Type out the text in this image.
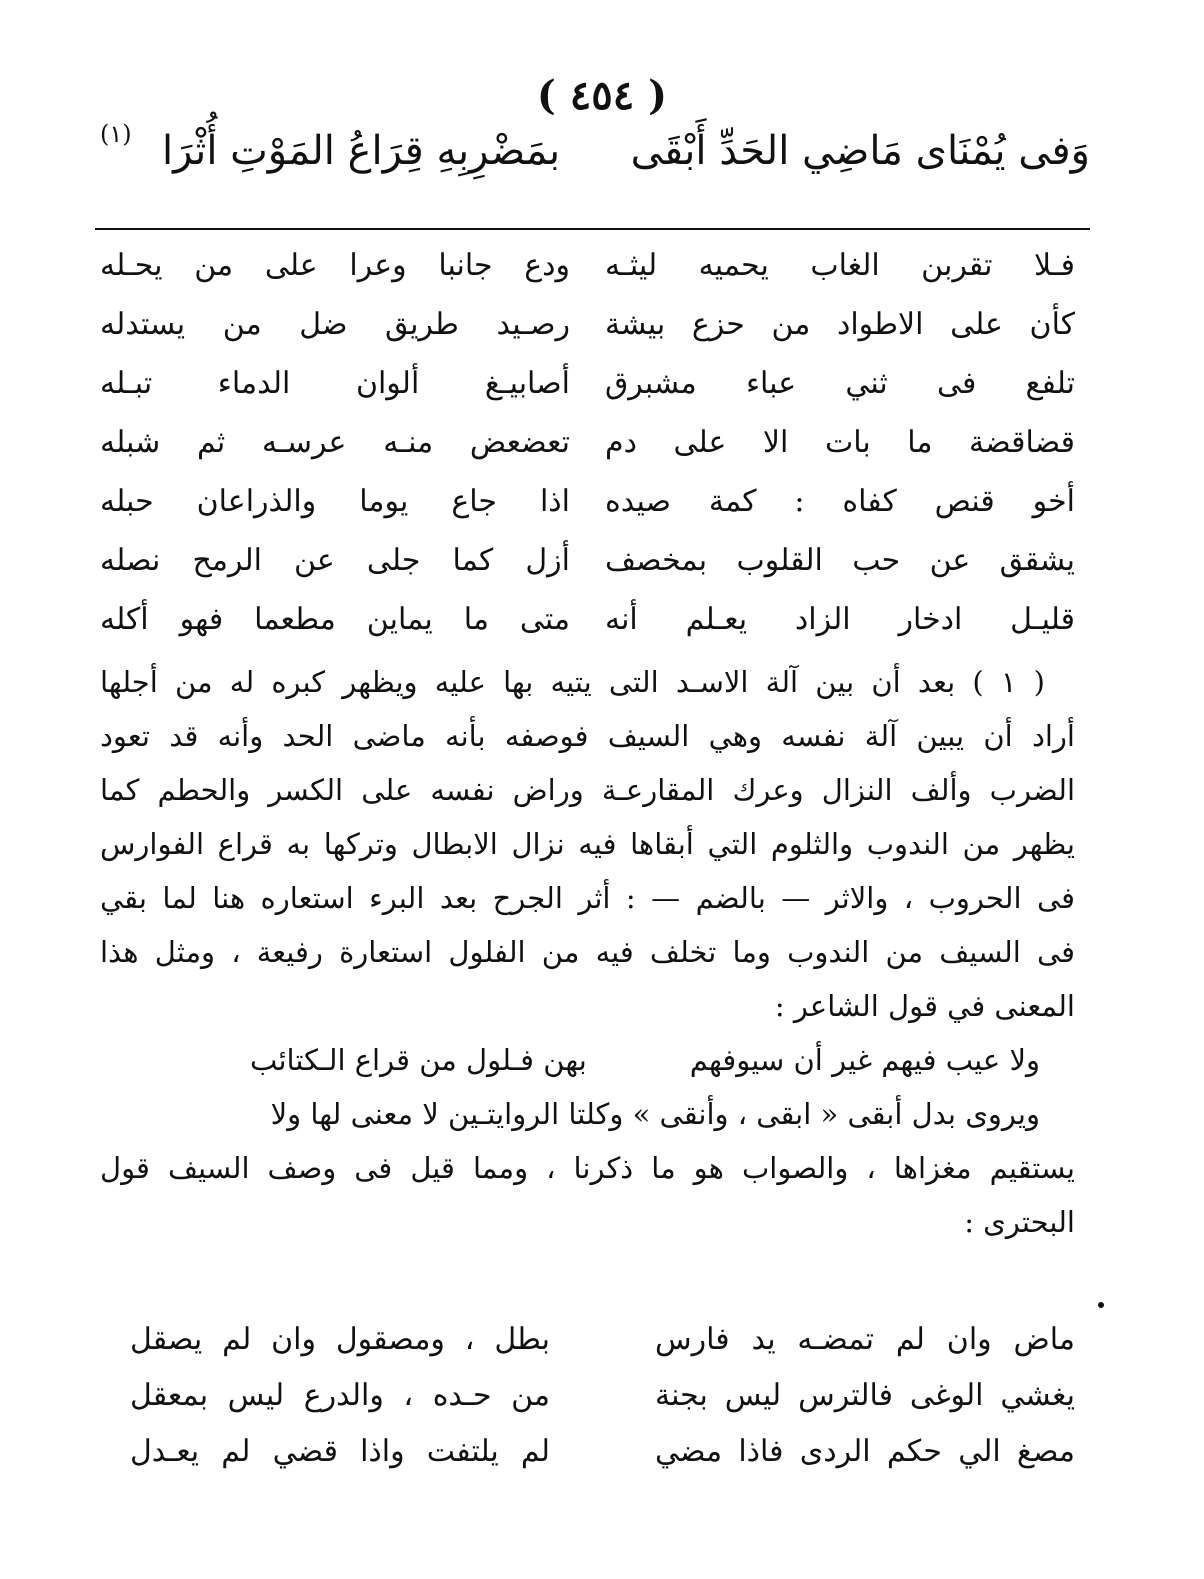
( ٤٥٤ )
وَفى يُمْنَاى مَاضِي الحَدِّ أَبْقَى
بمَضْرِبِهِ قِرَاعُ المَوْتِ أُثْرَا
(١)
فـلا تقربن الغاب يحميه ليثـه
ودع جانبا وعرا على من يحـله
كأن على الاطواد من حزع بيشة
رصـيد طريق ضل من يستدله
تلفع فى ثني عباء مشبرق
أصابيـغ ألوان الدماء تبـله
قضاقضة ما بات الا على دم
تعضعض منـه عرسـه ثم شبله
أخو قنص كفاه : كمة صيده
اذا جاع يوما والذراعان حبله
يشقق عن حب القلوب بمخصف
أزل كما جلى عن الرمح نصله
قليـل ادخار الزاد يعـلم أنه
متى ما يماين مطعما فهو أكله
( ١ ) بعد أن بين آلة الاسـد التى يتيه بها عليه ويظهر كبره له من أجلها
أراد أن يبين آلة نفسه وهي السيف فوصفه بأنه ماضى الحد وأنه قد تعود
الضرب وألف النزال وعرك المقارعـة وراض نفسه على الكسر والحطم كما
يظهر من الندوب والثلوم التي أبقاها فيه نزال الابطال وتركها به قراع الفوارس
فى الحروب ، والاثر — بالضم — : أثر الجرح بعد البرء استعاره هنا لما بقي
فى السيف من الندوب وما تخلف فيه من الفلول استعارة رفيعة ، ومثل هذا
المعنى في قول الشاعر :
ولا عيب فيهم غير أن سيوفهم
بهن فـلول من قراع الـكتائب
ويروى بدل أبقى « ابقى ، وأنقى » وكلتا الروايتـين لا معنى لها ولا
يستقيم مغزاها ، والصواب هو ما ذكرنا ، ومما قيل فى وصف السيف قول
البحترى :
ماض وان لم تمضـه يد فارس
بطل ، ومصقول وان لم يصقل
يغشي الوغى فالترس ليس بجنة
من حـده ، والدرع ليس بمعقل
مصغ الي حكم الردى فاذا مضي
لم يلتفت واذا قضي لم يعـدل
